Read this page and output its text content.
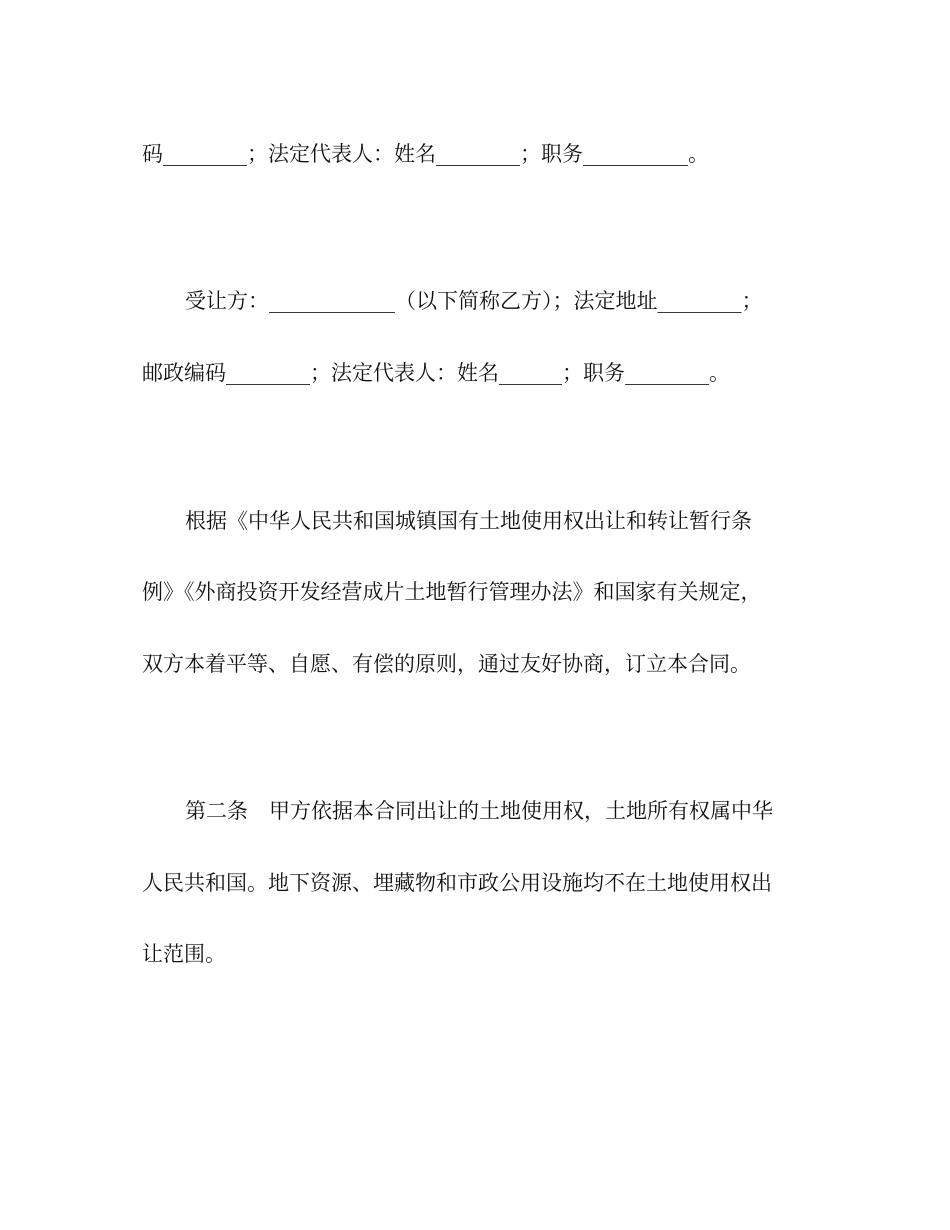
码________；法定代表人：姓名________；职务__________。

受让方：____________（以下简称乙方）；法定地址________；

邮政编码________；法定代表人：姓名______；职务________。

根据《中华人民共和国城镇国有土地使用权出让和转让暂行条

例》《外商投资开发经营成片土地暂行管理办法》和国家有关规定，

双方本着平等、自愿、有偿的原则，通过友好协商，订立本合同。

第二条　甲方依据本合同出让的土地使用权，土地所有权属中华

人民共和国。地下资源、埋藏物和市政公用设施均不在土地使用权出

让范围。
